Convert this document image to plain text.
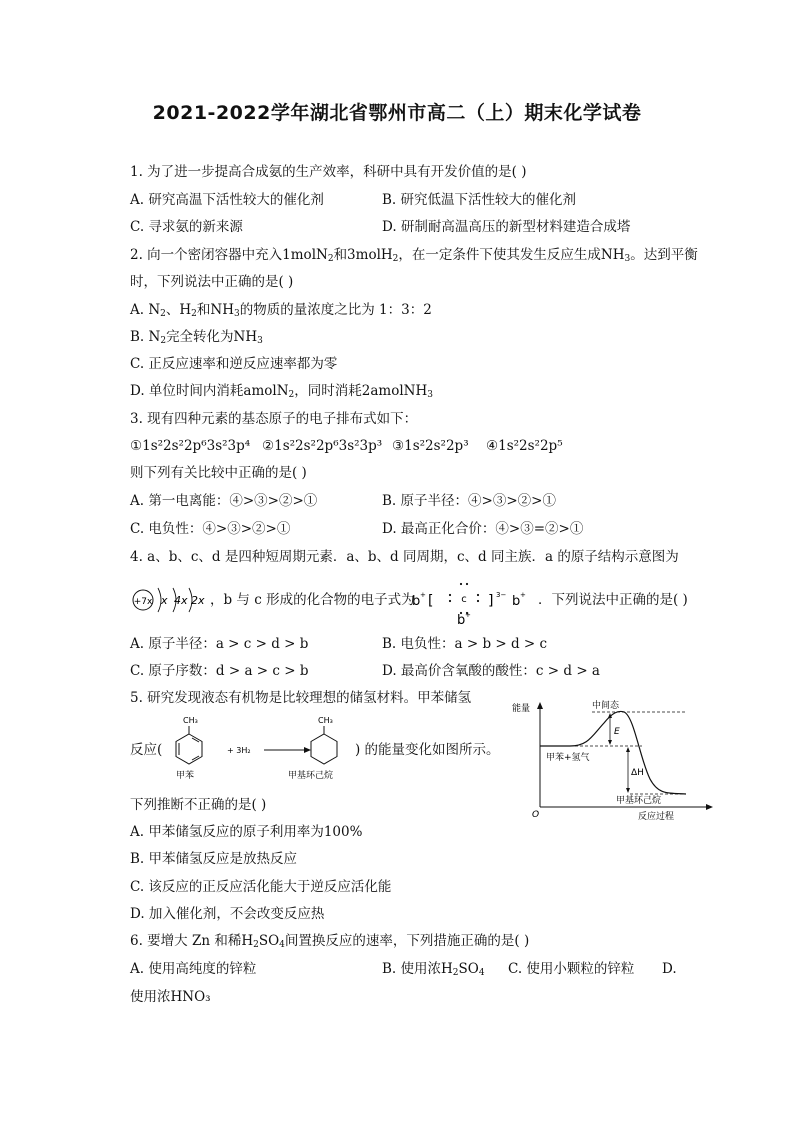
2021-2022学年湖北省鄂州市高二（上）期末化学试卷
1. 为了进一步提高合成氨的生产效率，科研中具有开发价值的是( )
A. 研究高温下活性较大的催化剂	B. 研究低温下活性较大的催化剂
C. 寻求氨的新来源	D. 研制耐高温高压的新型材料建造合成塔
2. 向一个密闭容器中充入1molN$_2$和3molH$_2$，在一定条件下使其发生反应生成$NH_3$。达到平衡
时，下列说法中正确的是( )
A. $N_2$、$H_2$和$NH_3$的物质的量浓度之比为 1：3：2
B. $N_2$完全转化为$NH_3$
C. 正反应速率和逆反应速率都为零
D. 单位时间内消耗amolN$_2$，同时消耗2amolNH$_3$
3. 现有四种元素的基态原子的电子排布式如下：
①1s²2s²2p⁶3s²3p⁴ ②1s²2s²2p⁶3s²3p³ ③1s²2s²2p³ ④1s²2s²2p⁵
则下列有关比较中正确的是( )
A. 第一电离能：④>③>②>①	B. 原子半径：④>③>②>①
C. 电负性：④>③>②>①	D. 最高正化合价：④>③=②>①
4. a、b、c、d 是四种短周期元素．a、b、d 同周期，c、d 同主族．a 的原子结构示意图为
+7x x 4x 2x ，b 与 c 形成的化合物的电子式为
b + [	c ] 3− b +
b +
．下列说法中正确的是( )
A. 原子半径：a > c > d > b	B. 电负性：a > b > d > c
C. 原子序数：d > a > c > b	D. 最高价含氧酸的酸性：c > d > a
5. 研究发现液态有机物是比较理想的储氢材料。甲苯储氢
反应(
CH₃
甲苯
+ 3H₂
CH₃
甲基环己烷
) 的能量变化如图所示。
能量
O	反应过程
中间态
E
甲苯+氢气
ΔH
甲基环己烷
下列推断不正确的是( )
A. 甲苯储氢反应的原子利用率为100%
B. 甲苯储氢反应是放热反应
C. 该反应的正反应活化能大于逆反应活化能
D. 加入催化剂，不会改变反应热
6. 要增大 Zn 和稀$H_2SO_4$间置换反应的速率，下列措施正确的是( )
A. 使用高纯度的锌粒	B. 使用浓$H_2SO_4$ C. 使用小颗粒的锌粒 D.
使用浓HNO₃
